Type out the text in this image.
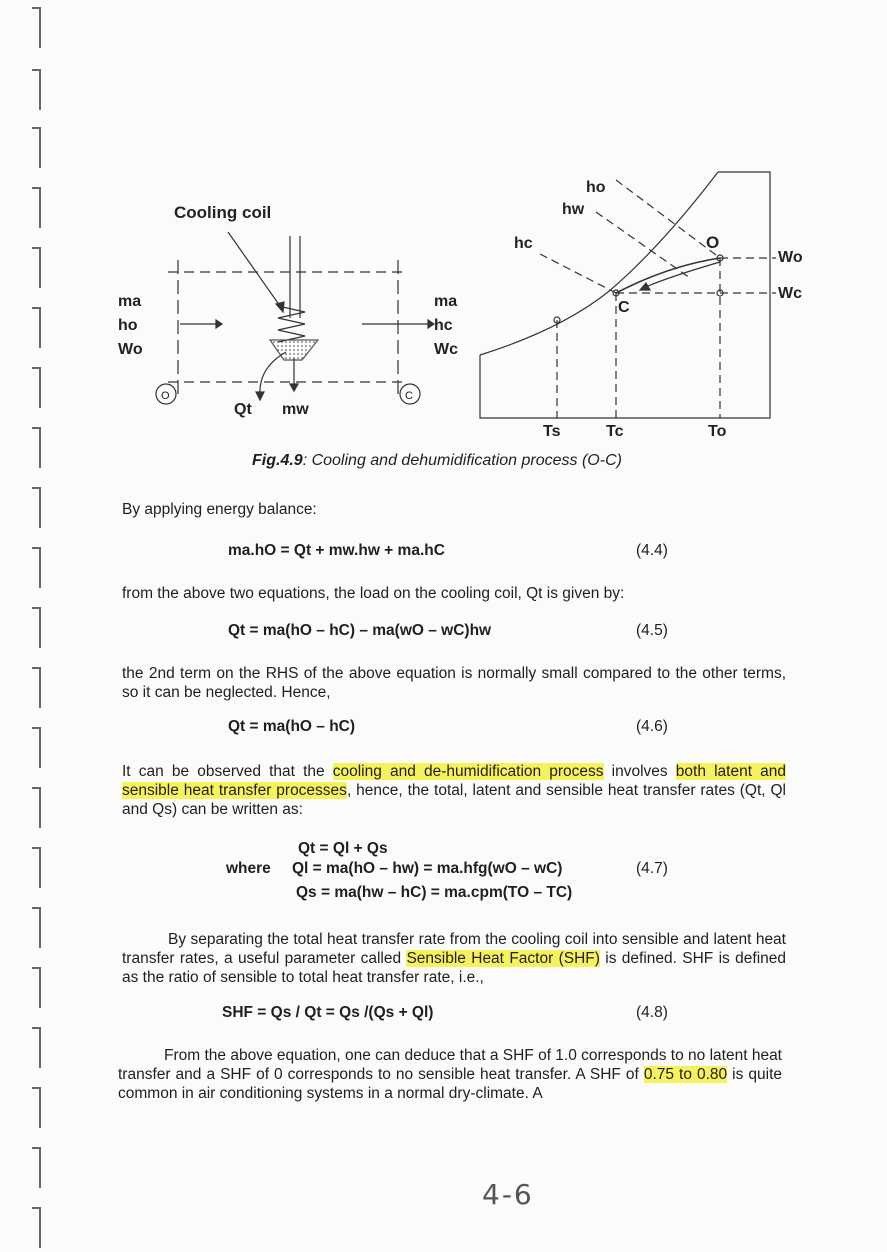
Cooling coil
ma
ho
Wo
ma
hc
Wc
O	C
Qt mw
ho
hw
hc	O
C
Wo
Wc
Ts	Tc	To
Fig.4.9: Cooling and dehumidification process (O-C)
By applying energy balance:
ma.hO = Qt + mw.hw + ma.hC	(4.4)
from the above two equations, the load on the cooling coil, Qt is given by:
Qt = ma(hO – hC) – ma(wO – wC)hw	(4.5)
the 2nd term on the RHS of the above equation is normally small compared to the other terms, so it can be neglected. Hence,
Qt = ma(hO – hC)	(4.6)
It can be observed that the cooling and de-humidification process involves both latent and sensible heat transfer processes, hence, the total, latent and sensible heat transfer rates (Qt, Ql and Qs) can be written as:
Qt = Ql + Qs
where Ql = ma(hO – hw) = ma.hfg(wO – wC)
Qs = ma(hw – hC) = ma.cpm(TO – TC)
(4.7)
By separating the total heat transfer rate from the cooling coil into sensible and latent heat transfer rates, a useful parameter called Sensible Heat Factor (SHF) is defined. SHF is defined as the ratio of sensible to total heat transfer rate, i.e.,
SHF = Qs / Qt = Qs /(Qs + Ql)	(4.8)
From the above equation, one can deduce that a SHF of 1.0 corresponds to no latent heat transfer and a SHF of 0 corresponds to no sensible heat transfer. A SHF of 0.75 to 0.80 is quite common in air conditioning systems in a normal dry-climate. A
4-6
